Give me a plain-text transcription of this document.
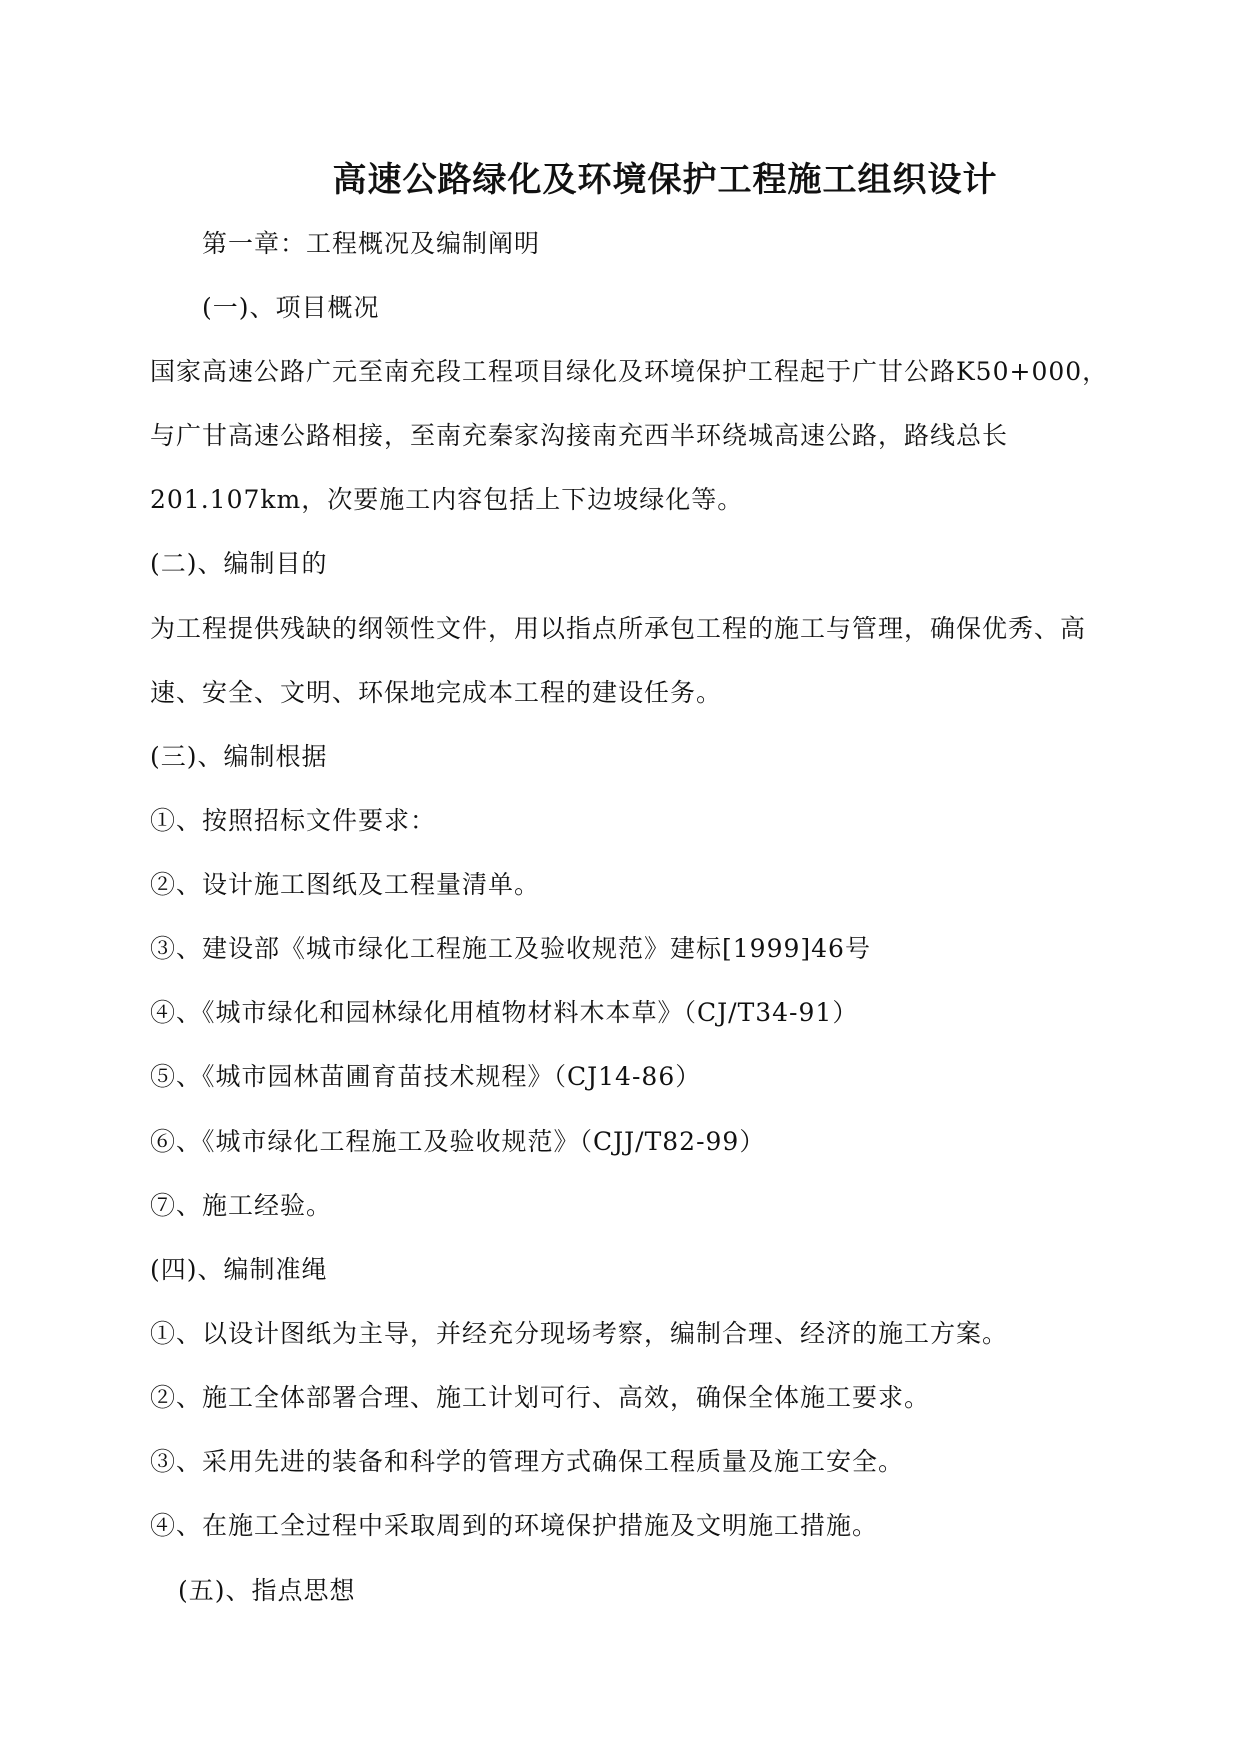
高速公路绿化及环境保护工程施工组织设计
第一章：工程概况及编制阐明
(一)、项目概况
国家高速公路广元至南充段工程项目绿化及环境保护工程起于广甘公路K50+000，
与广甘高速公路相接，至南充秦家沟接南充西半环绕城高速公路，路线总长
201.107km，次要施工内容包括上下边坡绿化等。
(二)、编制目的
为工程提供残缺的纲领性文件，用以指点所承包工程的施工与管理，确保优秀、高
速、安全、文明、环保地完成本工程的建设任务。
(三)、编制根据
①、按照招标文件要求：
②、设计施工图纸及工程量清单。
③、建设部《城市绿化工程施工及验收规范》建标[1999]46号
④、《城市绿化和园林绿化用植物材料木本草》（CJ/T34-91）
⑤、《城市园林苗圃育苗技术规程》（CJ14-86）
⑥、《城市绿化工程施工及验收规范》（CJJ/T82-99）
⑦、施工经验。
(四)、编制准绳
①、以设计图纸为主导，并经充分现场考察，编制合理、经济的施工方案。
②、施工全体部署合理、施工计划可行、高效，确保全体施工要求。
③、采用先进的装备和科学的管理方式确保工程质量及施工安全。
④、在施工全过程中采取周到的环境保护措施及文明施工措施。
(五)、指点思想
